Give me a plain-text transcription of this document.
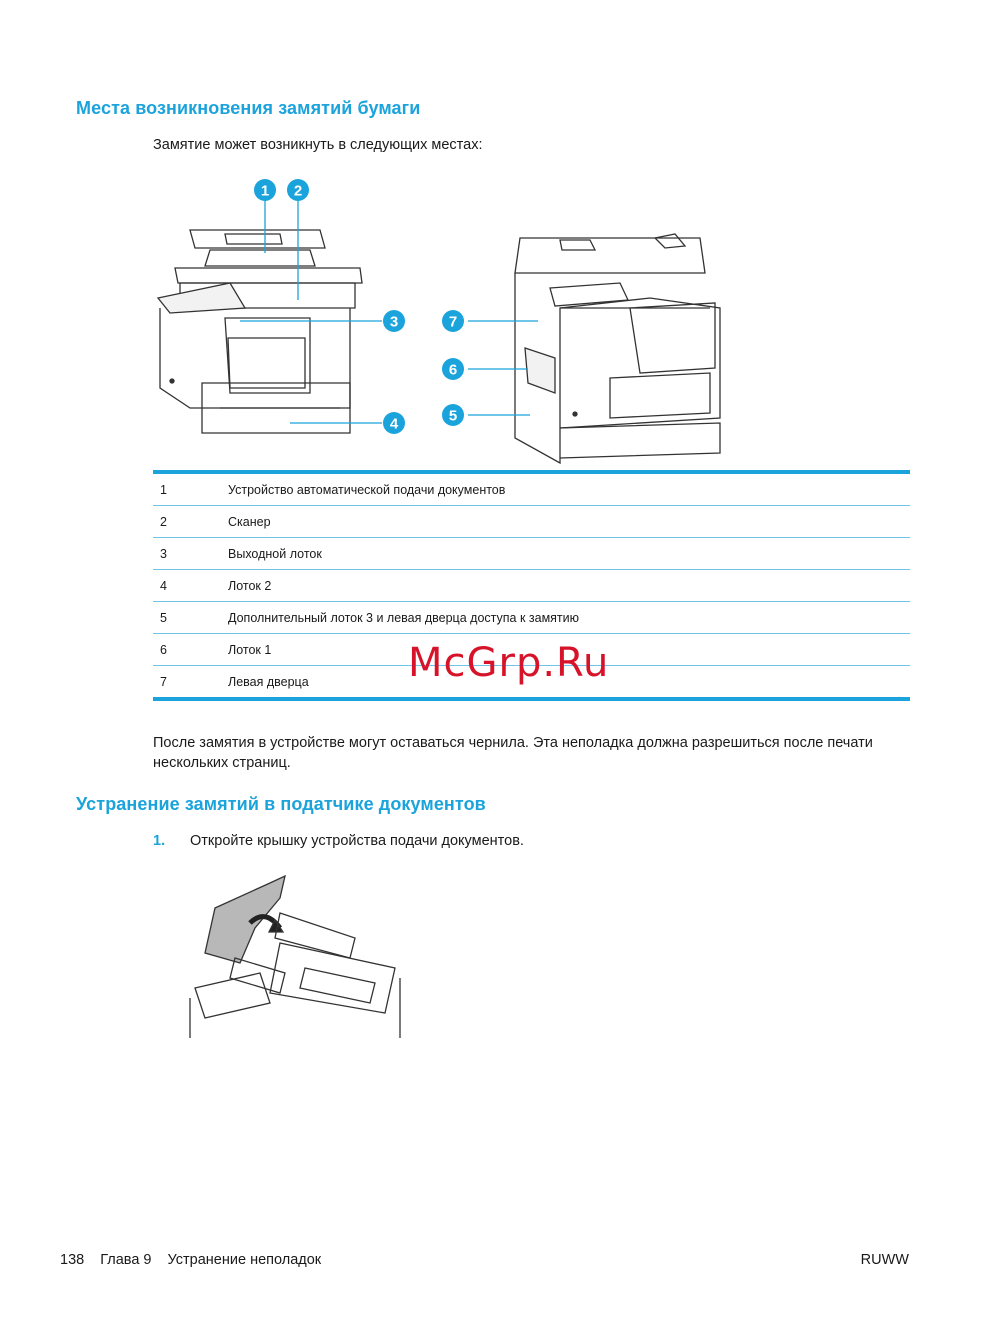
Места возникновения замятий бумаги
Замятие может возникнуть в следующих местах:
1 2
3
4	5
6
7
1	Устройство автоматической подачи документов
2	Сканер
3	Выходной лоток
4	Лоток 2
5	Дополнительный лоток 3 и левая дверца доступа к замятию
6	Лоток 1
7	Левая дверца	McGrp.Ru
После замятия в устройстве могут оставаться чернила. Эта неполадка должна разрешиться после печати нескольких страниц.
Устранение замятий в податчике документов
1.	Откройте крышку устройства подачи документов.
138 Глава 9 Устранение неполадок	RUWW
